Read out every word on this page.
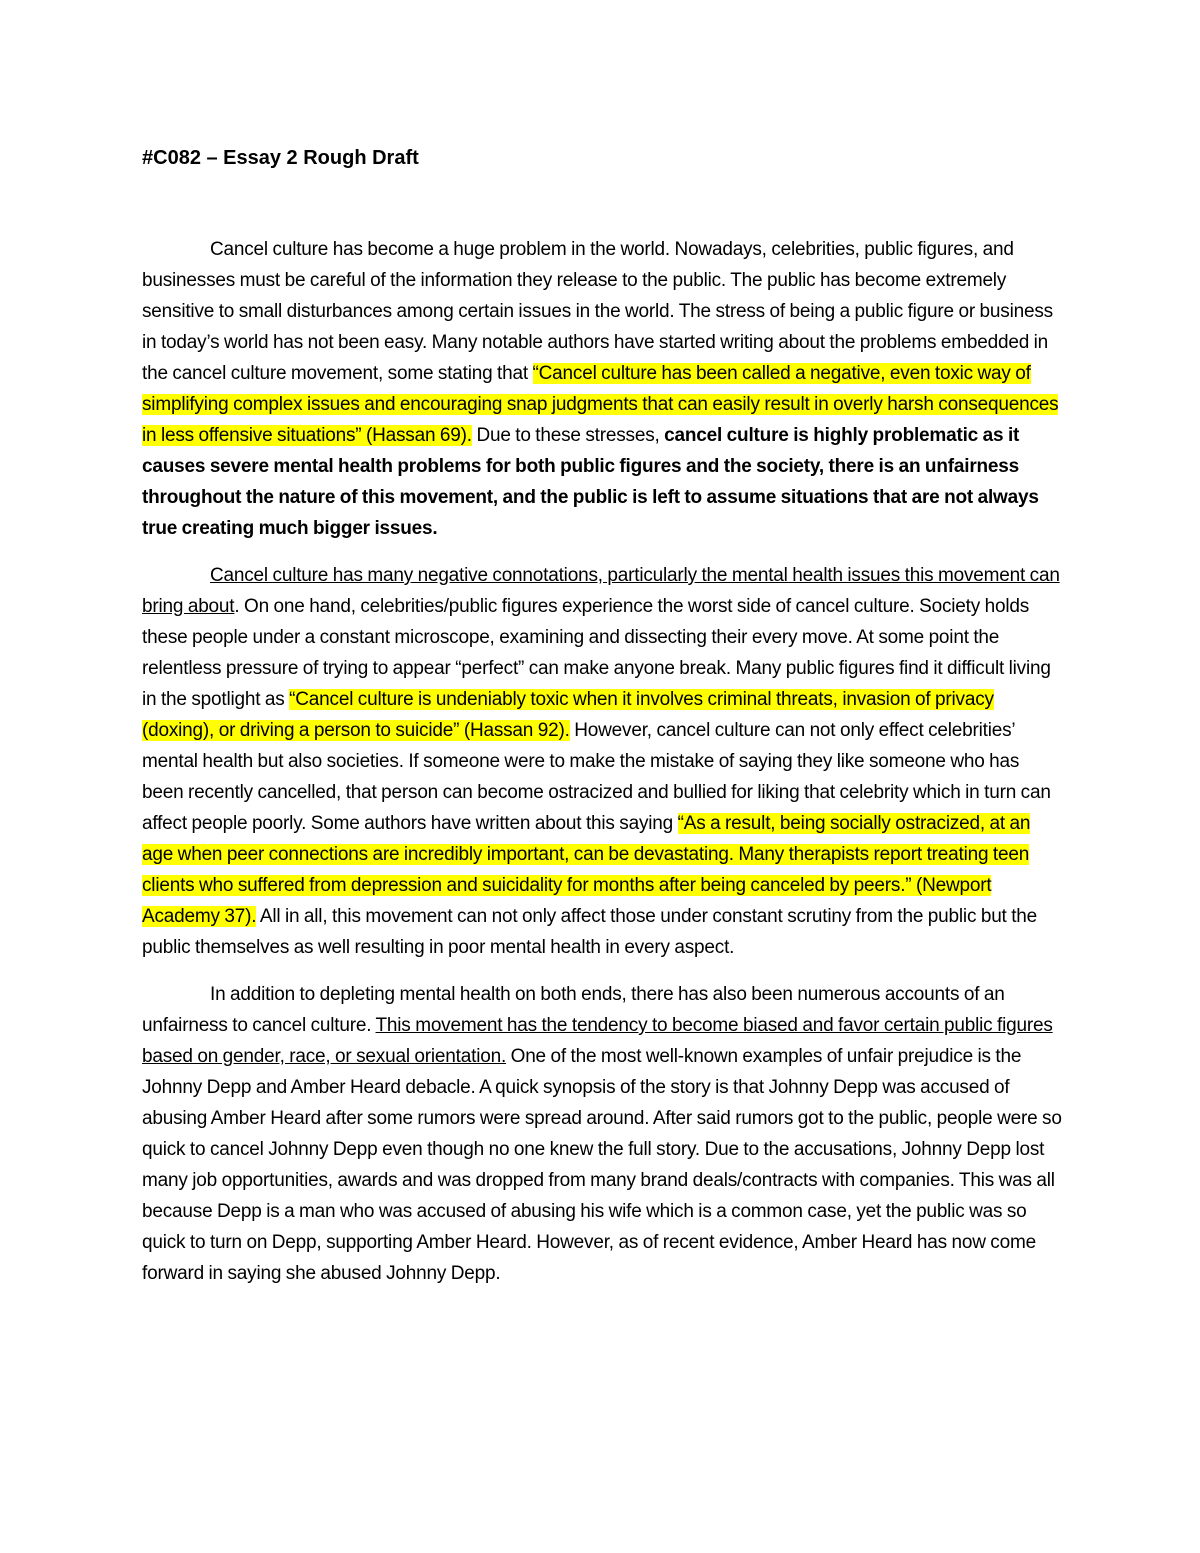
#C082 – Essay 2 Rough Draft

Cancel culture has become a huge problem in the world. Nowadays, celebrities, public figures, and businesses must be careful of the information they release to the public. The public has become extremely sensitive to small disturbances among certain issues in the world. The stress of being a public figure or business in today’s world has not been easy. Many notable authors have started writing about the problems embedded in the cancel culture movement, some stating that “Cancel culture has been called a negative, even toxic way of simplifying complex issues and encouraging snap judgments that can easily result in overly harsh consequences in less offensive situations” (Hassan 69). Due to these stresses, cancel culture is highly problematic as it causes severe mental health problems for both public figures and the society, there is an unfairness throughout the nature of this movement, and the public is left to assume situations that are not always true creating much bigger issues.

Cancel culture has many negative connotations, particularly the mental health issues this movement can bring about. On one hand, celebrities/public figures experience the worst side of cancel culture. Society holds these people under a constant microscope, examining and dissecting their every move. At some point the relentless pressure of trying to appear “perfect” can make anyone break. Many public figures find it difficult living in the spotlight as “Cancel culture is undeniably toxic when it involves criminal threats, invasion of privacy (doxing), or driving a person to suicide” (Hassan 92). However, cancel culture can not only effect celebrities’ mental health but also societies. If someone were to make the mistake of saying they like someone who has been recently cancelled, that person can become ostracized and bullied for liking that celebrity which in turn can affect people poorly. Some authors have written about this saying “As a result, being socially ostracized, at an age when peer connections are incredibly important, can be devastating. Many therapists report treating teen clients who suffered from depression and suicidality for months after being canceled by peers.” (Newport Academy 37). All in all, this movement can not only affect those under constant scrutiny from the public but the public themselves as well resulting in poor mental health in every aspect.

In addition to depleting mental health on both ends, there has also been numerous accounts of an unfairness to cancel culture. This movement has the tendency to become biased and favor certain public figures based on gender, race, or sexual orientation. One of the most well-known examples of unfair prejudice is the Johnny Depp and Amber Heard debacle. A quick synopsis of the story is that Johnny Depp was accused of abusing Amber Heard after some rumors were spread around. After said rumors got to the public, people were so quick to cancel Johnny Depp even though no one knew the full story. Due to the accusations, Johnny Depp lost many job opportunities, awards and was dropped from many brand deals/contracts with companies. This was all because Depp is a man who was accused of abusing his wife which is a common case, yet the public was so quick to turn on Depp, supporting Amber Heard. However, as of recent evidence, Amber Heard has now come forward in saying she abused Johnny Depp.
